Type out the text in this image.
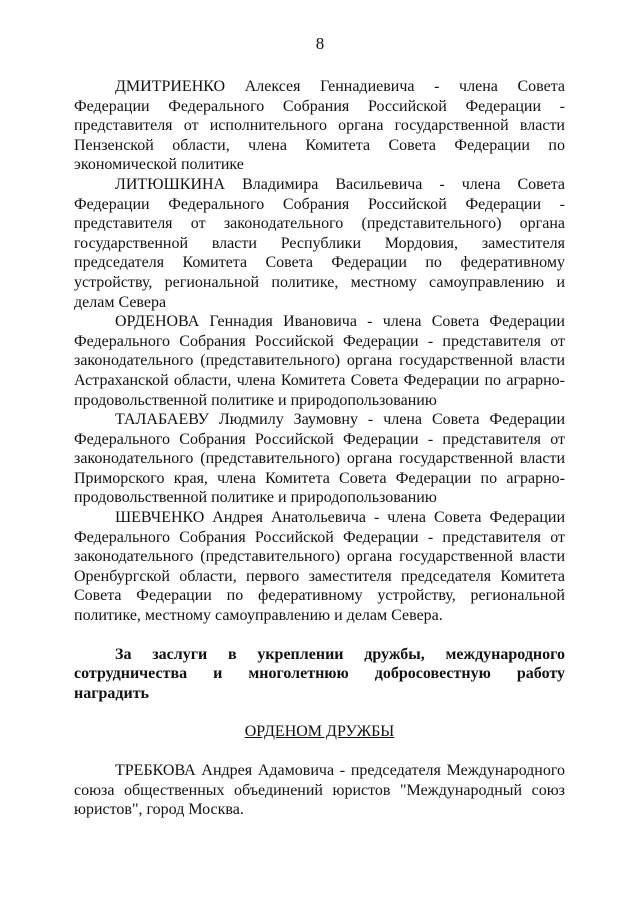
8

ДМИТРИЕНКО Алексея Геннадиевича - члена Совета Федерации Федерального Собрания Российской Федерации - представителя от исполнительного органа государственной власти Пензенской области, члена Комитета Совета Федерации по экономической политике

ЛИТЮШКИНА Владимира Васильевича - члена Совета Федерации Федерального Собрания Российской Федерации - представителя от законодательного (представительного) органа государственной власти Республики Мордовия, заместителя председателя Комитета Совета Федерации по федеративному устройству, региональной политике, местному самоуправлению и делам Севера

ОРДЕНОВА Геннадия Ивановича - члена Совета Федерации Федерального Собрания Российской Федерации - представителя от законодательного (представительного) органа государственной власти Астраханской области, члена Комитета Совета Федерации по аграрно-продовольственной политике и природопользованию

ТАЛАБАЕВУ Людмилу Заумовну - члена Совета Федерации Федерального Собрания Российской Федерации - представителя от законодательного (представительного) органа государственной власти Приморского края, члена Комитета Совета Федерации по аграрно-продовольственной политике и природопользованию

ШЕВЧЕНКО Андрея Анатольевича - члена Совета Федерации Федерального Собрания Российской Федерации - представителя от законодательного (представительного) органа государственной власти Оренбургской области, первого заместителя председателя Комитета Совета Федерации по федеративному устройству, региональной политике, местному самоуправлению и делам Севера.

За заслуги в укреплении дружбы, международного сотрудничества и многолетнюю добросовестную работу наградить

ОРДЕНОМ ДРУЖБЫ

ТРЕБКОВА Андрея Адамовича - председателя Международного союза общественных объединений юристов "Международный союз юристов", город Москва.
